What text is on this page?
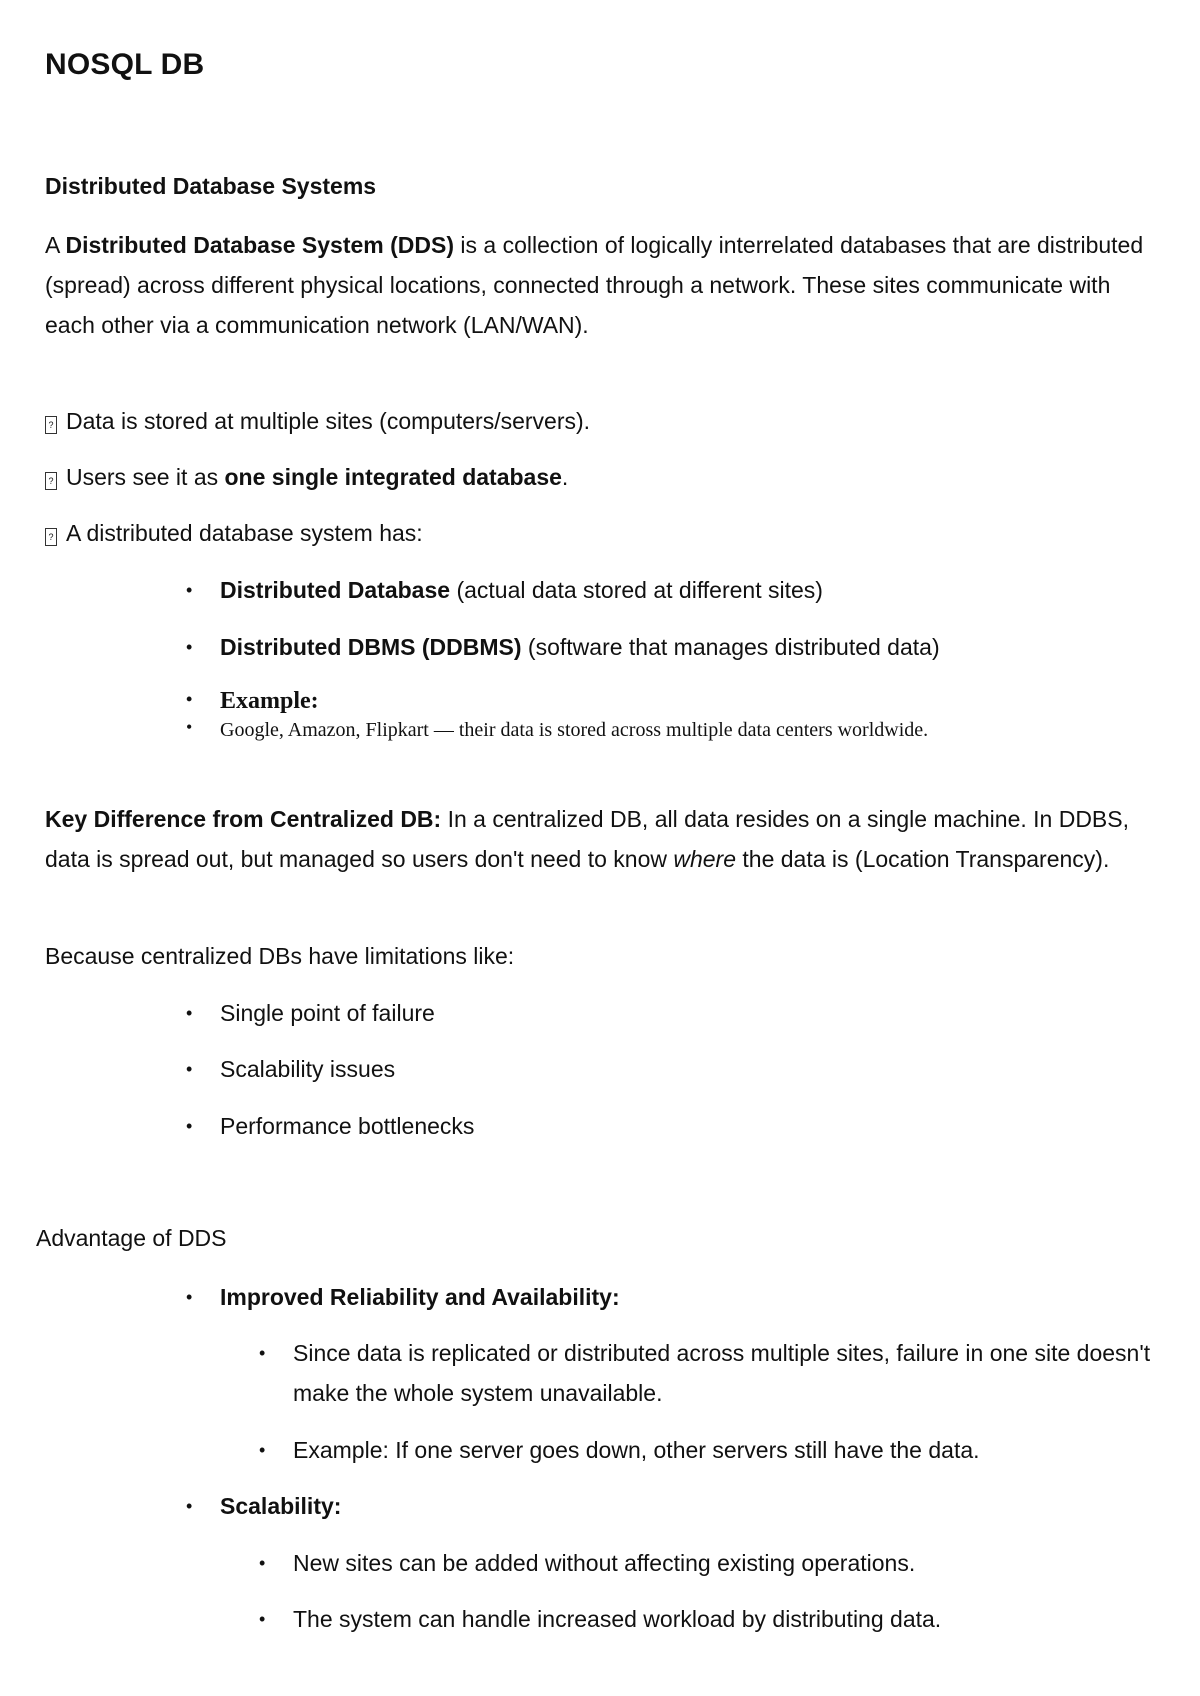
NOSQL DB
Distributed Database Systems
A Distributed Database System (DDS) is a collection of logically interrelated databases that are distributed (spread) across different physical locations, connected through a network. These sites communicate with each other via a communication network (LAN/WAN).
? Data is stored at multiple sites (computers/servers).
? Users see it as one single integrated database.
? A distributed database system has:
• Distributed Database (actual data stored at different sites)
• Distributed DBMS (DDBMS) (software that manages distributed data)
• Example:
• Google, Amazon, Flipkart — their data is stored across multiple data centers worldwide.
Key Difference from Centralized DB: In a centralized DB, all data resides on a single machine. In DDBS, data is spread out, but managed so users don't need to know where the data is (Location Transparency).
Because centralized DBs have limitations like:
• Single point of failure
• Scalability issues
• Performance bottlenecks
Advantage of DDS
• Improved Reliability and Availability:
• Since data is replicated or distributed across multiple sites, failure in one site doesn't make the whole system unavailable.
• Example: If one server goes down, other servers still have the data.
• Scalability:
• New sites can be added without affecting existing operations.
• The system can handle increased workload by distributing data.
